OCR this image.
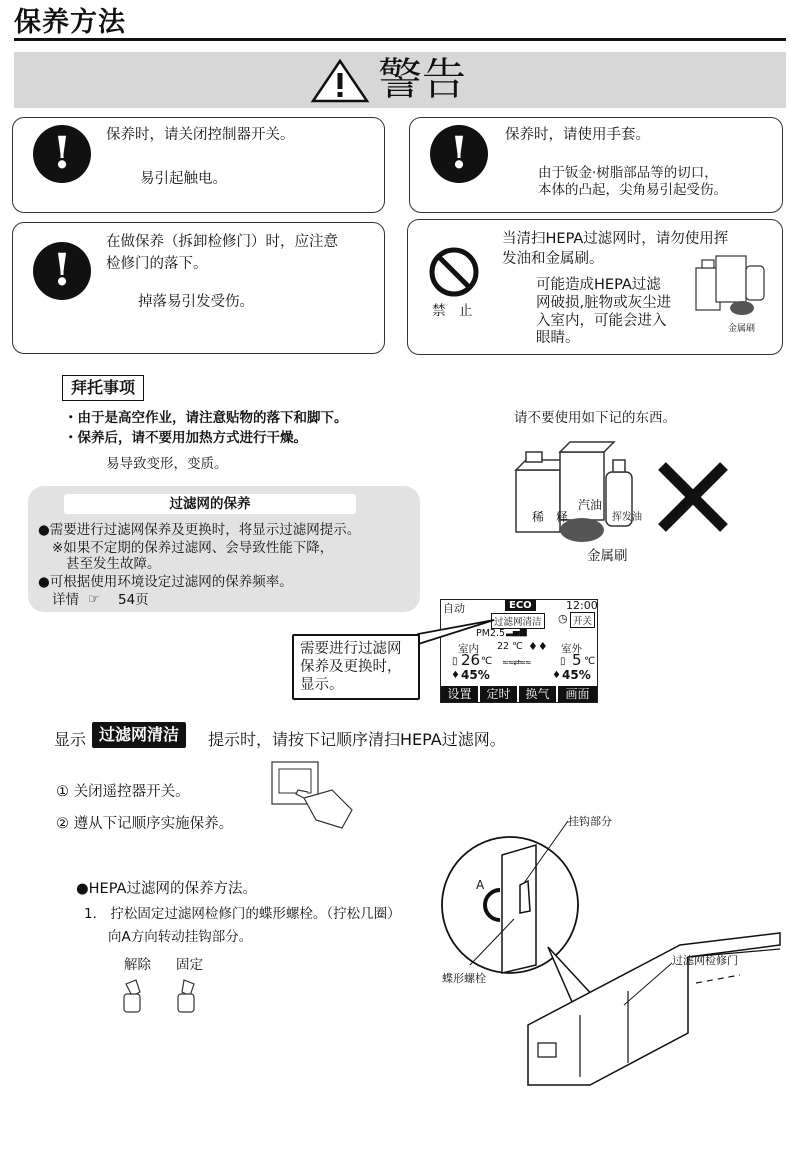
保养方法
警告
!	保养时，请关闭控制器开关。
易引起触电。	!	保养时，请使用手套。
由于钣金·树脂部品等的切口，
本体的凸起，尖角易引起受伤。
!
在做保养（拆卸检修门）时，应注意
检修门的落下。
掉落易引发受伤。
禁　止
当清扫HEPA过滤网时，请勿使用挥
发油和金属刷。
可能造成HEPA过滤
网破损,脏物或灰尘进
入室内，可能会进入
眼睛。
金属刷
拜托事项
・由于是高空作业，请注意贴物的落下和脚下。
・保养后，请不要用加热方式进行干燥。
易导致变形，变质。
请不要使用如下记的东西。
稀　释
汽油
挥发油
金属刷
过滤网的保养
●需要进行过滤网保养及更换时，将显示过滤网提示。
※如果不定期的保养过滤网、会导致性能下降，
甚至发生故障。
●可根据使用环境设定过滤网的保养频率。
详情 ☞ 54页
自动	ECO	12:00
过滤网清洁 ◷ 开关
PM2.5 ▂▄▆
室内 22 ℃ ♦♦ 室外
▯ 26 ℃ ≈≈⇄≈≈	▯ 5 ℃
♦ 45%	♦ 45%
设置	定时	换气	画面
需要进行过滤网
保养及更换时，
显示。
显示 过滤网清洁	提示时，请按下记顺序清扫HEPA过滤网。
① 关闭遥控器开关。
② 遵从下记顺序实施保养。
●HEPA过滤网的保养方法。
1． 拧松固定过滤网检修门的蝶形螺栓。（拧松几圈）
向A方向转动挂钩部分。
解除 固定
挂钩部分
A
蝶形螺栓
过滤网检修门
